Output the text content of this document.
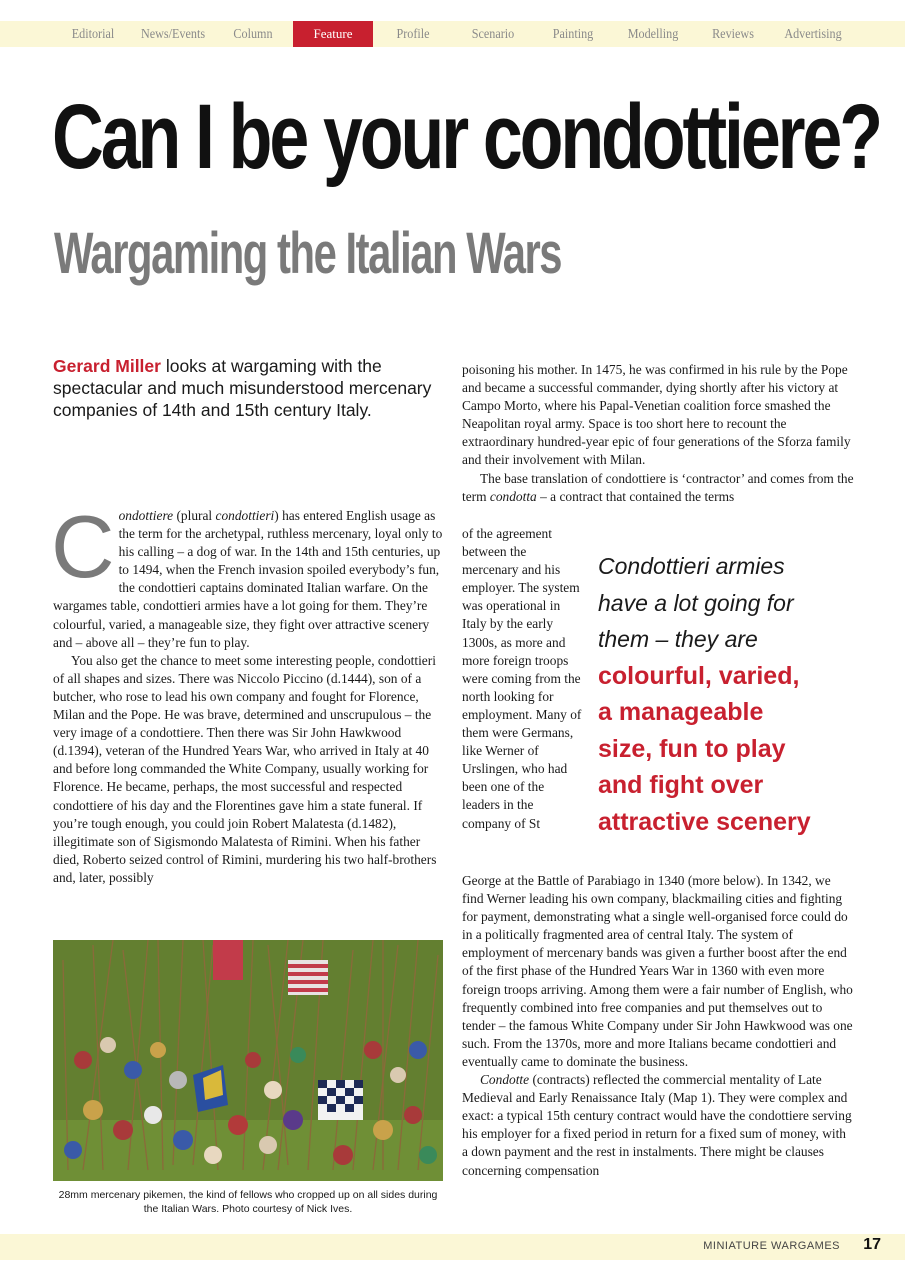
Editorial	News/Events	Column	Feature	Profile	Scenario	Painting	Modelling	Reviews	Advertising
Can I be your condottiere?
Wargaming the Italian Wars
Gerard Miller looks at wargaming with the spectacular and much misunderstood mercenary companies of 14th and 15th century Italy.

Condottiere (plural condottieri) has entered English usage as the term for the archetypal, ruthless mercenary, loyal only to his calling – a dog of war. In the 14th and 15th centuries, up to 1494, when the French invasion spoiled everybody’s fun, the condottieri captains dominated Italian warfare. On the wargames table, condottieri armies have a lot going for them. They’re colourful, varied, a manageable size, they fight over attractive scenery and – above all – they’re fun to play.

You also get the chance to meet some interesting people, condottieri of all shapes and sizes. There was Niccolo Piccino (d.1444), son of a butcher, who rose to lead his own company and fought for Florence, Milan and the Pope. He was brave, determined and unscrupulous – the very image of a condottiere. Then there was Sir John Hawkwood (d.1394), veteran of the Hundred Years War, who arrived in Italy at 40 and before long commanded the White Company, usually working for Florence. He became, perhaps, the most successful and respected condottiere of his day and the Florentines gave him a state funeral. If you’re tough enough, you could join Robert Malatesta (d.1482), illegitimate son of Sigismondo Malatesta of Rimini. When his father died, Roberto seized control of Rimini, murdering his two half-brothers and, later, possibly

poisoning his mother. In 1475, he was confirmed in his rule by the Pope and became a successful commander, dying shortly after his victory at Campo Morto, where his Papal-Venetian coalition force smashed the Neapolitan royal army. Space is too short here to recount the extraordinary hundred-year epic of four generations of the Sforza family and their involvement with Milan.

The base translation of condottiere is ‘contractor’ and comes from the term condotta – a contract that contained the terms

of the agreement between the mercenary and his employer. The system was operational in Italy by the early 1300s, as more and more foreign troops were coming from the north looking for employment. Many of them were Germans, like Werner of Urslingen, who had been one of the leaders in the company of St

George at the Battle of Parabiago in 1340 (more below). In 1342, we find Werner leading his own company, blackmailing cities and fighting for payment, demonstrating what a single well-organised force could do in a politically fragmented area of central Italy. The system of employment of mercenary bands was given a further boost after the end of the first phase of the Hundred Years War in 1360 with even more foreign troops arriving. Among them were a fair number of English, who frequently combined into free companies and put themselves out to tender – the famous White Company under Sir John Hawkwood was one such. From the 1370s, more and more Italians became condottieri and eventually came to dominate the business.

Condotte (contracts) reflected the commercial mentality of Late Medieval and Early Renaissance Italy (Map 1). They were complex and exact: a typical 15th century contract would have the condottiere serving his employer for a fixed period in return for a fixed sum of money, with a down payment and the rest in instalments. There might be clauses concerning compensation

Condottieri armies
have a lot going for
them – they are
colourful, varied,
a manageable
size, fun to play
and fight over
attractive scenery
28mm mercenary pikemen, the kind of fellows who cropped up on all sides during the Italian Wars. Photo courtesy of Nick Ives.
MINIATURE WARGAMES 17
